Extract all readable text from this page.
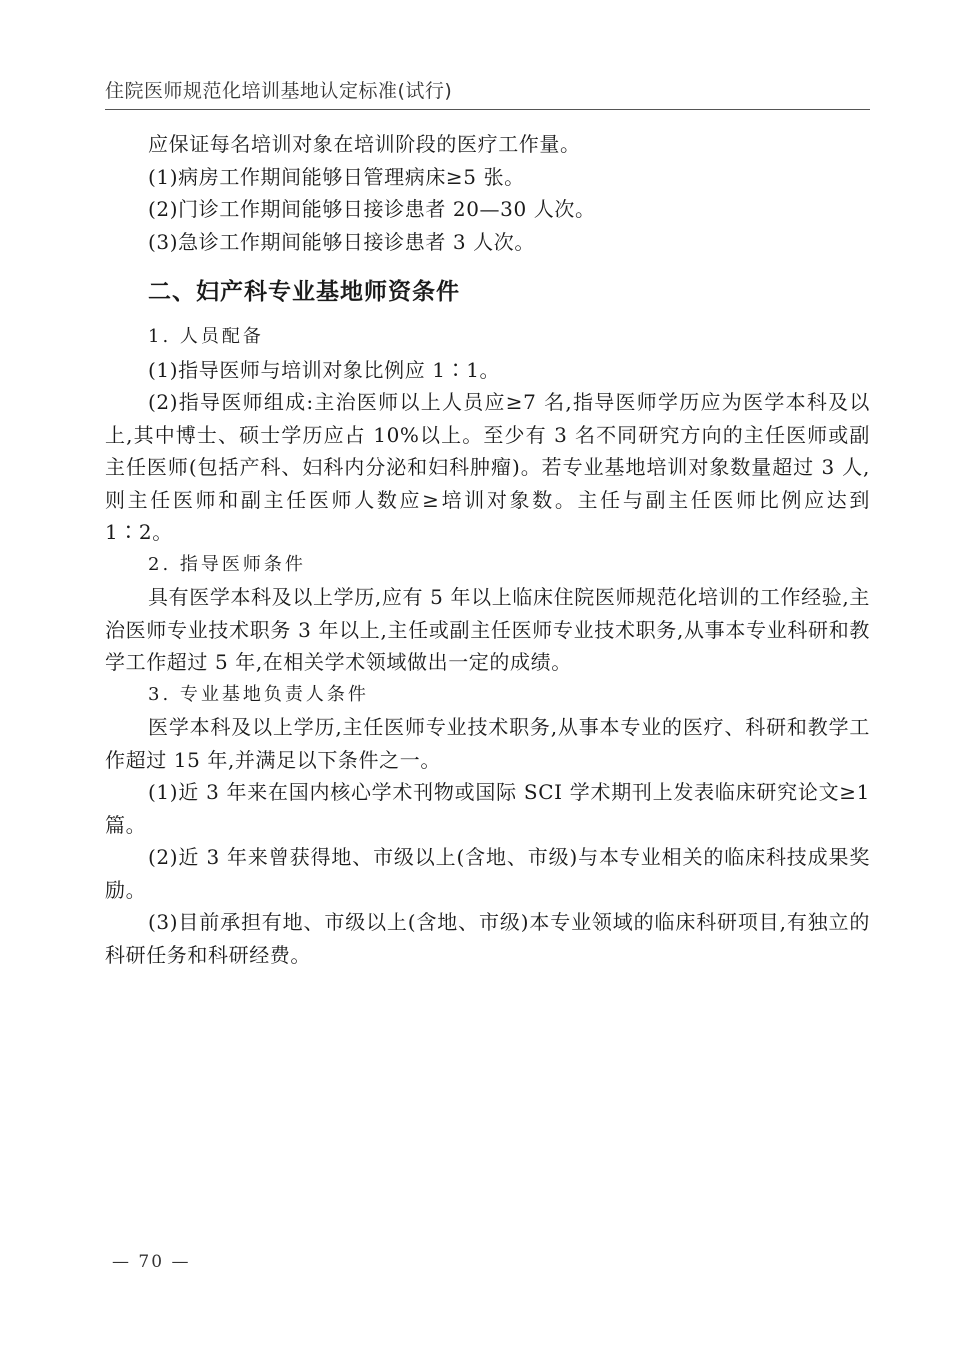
住院医师规范化培训基地认定标准(试行)

应保证每名培训对象在培训阶段的医疗工作量。

(1)病房工作期间能够日管理病床≥5 张。

(2)门诊工作期间能够日接诊患者 20—30 人次。

(3)急诊工作期间能够日接诊患者 3 人次。

二、妇产科专业基地师资条件

1. 人员配备

(1)指导医师与培训对象比例应 1∶1。

(2)指导医师组成:主治医师以上人员应≥7 名,指导医师学历应为医学本科及以上,其中博士、硕士学历应占 10%以上。至少有 3 名不同研究方向的主任医师或副主任医师(包括产科、妇科内分泌和妇科肿瘤)。若专业基地培训对象数量超过 3 人,则主任医师和副主任医师人数应≥培训对象数。主任与副主任医师比例应达到 1∶2。

2. 指导医师条件

具有医学本科及以上学历,应有 5 年以上临床住院医师规范化培训的工作经验,主治医师专业技术职务 3 年以上,主任或副主任医师专业技术职务,从事本专业科研和教学工作超过 5 年,在相关学术领域做出一定的成绩。

3. 专业基地负责人条件

医学本科及以上学历,主任医师专业技术职务,从事本专业的医疗、科研和教学工作超过 15 年,并满足以下条件之一。

(1)近 3 年来在国内核心学术刊物或国际 SCI 学术期刊上发表临床研究论文≥1 篇。

(2)近 3 年来曾获得地、市级以上(含地、市级)与本专业相关的临床科技成果奖励。

(3)目前承担有地、市级以上(含地、市级)本专业领域的临床科研项目,有独立的科研任务和科研经费。

— 70 —
